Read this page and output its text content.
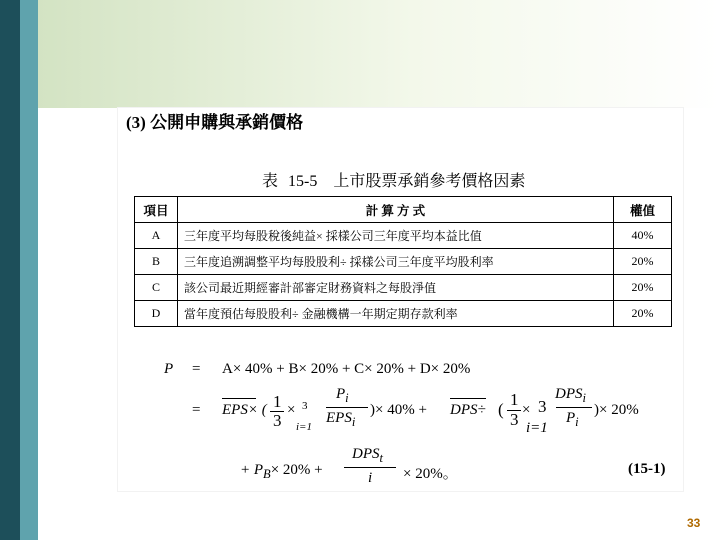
(3) 公開申購與承銷價格
表 15-5 上市股票承銷參考價格因素
項目	計 算 方 式	權值
A	三年度平均每股稅後純益× 採樣公司三年度平均本益比值	40%
B	三年度追溯調整平均每股股利÷ 採樣公司三年度平均股利率	20%
C	該公司最近期經審計部審定財務資料之每股淨值	20%
D	當年度預估每股股利÷ 金融機構一年期定期存款利率	20%
P = A× 40% + B× 20% + C× 20% + D× 20%
= EPS× ( 1
3
× 3
i=1
$P_i$
$EPS_i$
)× 40% + DPS÷ (
1
3 × 3
i=1
$DPS_i$
$P_i$
)× 20%
+ $P_B\times 20\%$ +
$DPS_t$
i × 20%。	(15-1)
33
